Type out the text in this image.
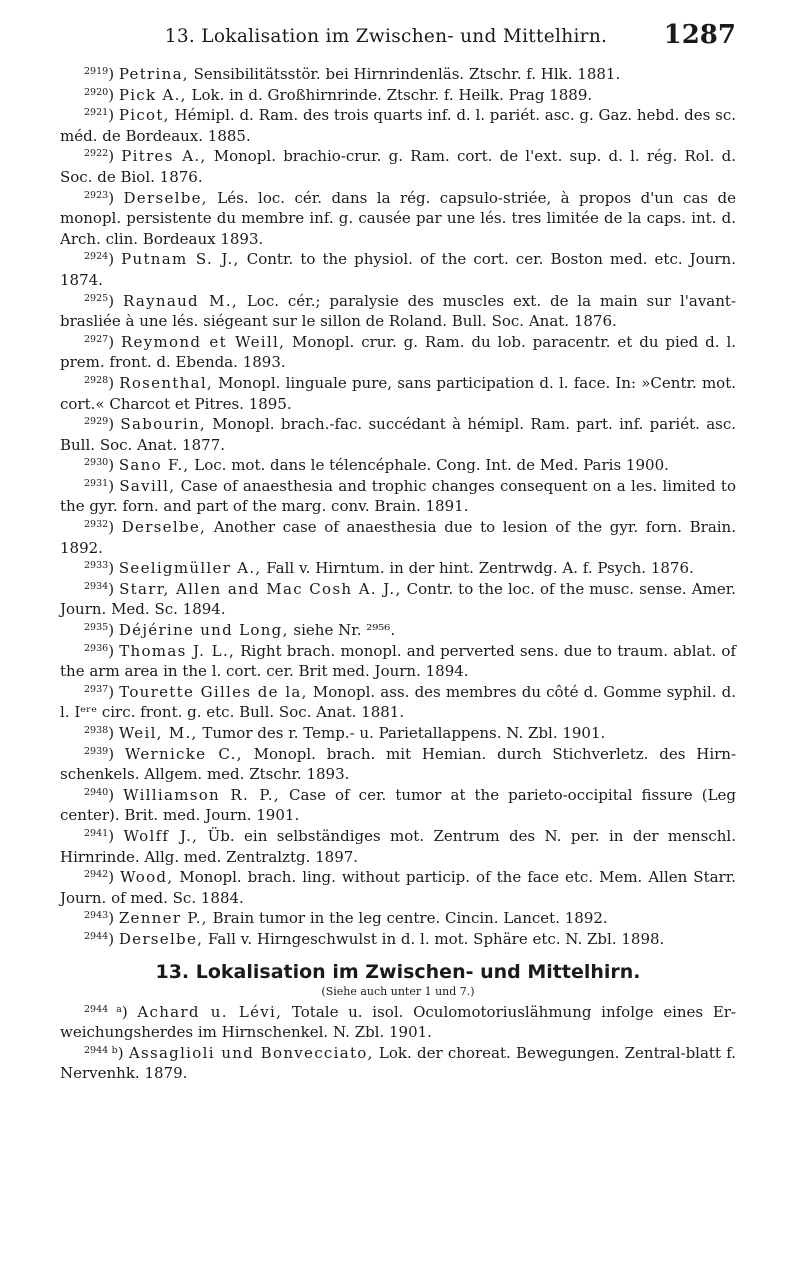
13. Lokalisation im Zwischen- und Mittelhirn.	1287

$^{2919}$) Petrina, Sensibilitätsstör. bei Hirnrindenläs. Ztschr. f. Hlk. 1881.

$^{2920}$) Pick A., Lok. in d. Großhirnrinde. Ztschr. f. Heilk. Prag 1889.

$^{2921}$) Picot, Hémipl. d. Ram. des trois quarts inf. d. l. pariét. asc. g. Gaz. hebd. des sc. méd. de Bordeaux. 1885.

$^{2922}$) Pitres A., Monopl. brachio-crur. g. Ram. cort. de l'ext. sup. d. l. rég. Rol. d. Soc. de Biol. 1876.

$^{2923}$) Derselbe, Lés. loc. cér. dans la rég. capsulo-striée, à propos d'un cas de monopl. persistente du membre inf. g. causée par une lés. tres limitée de la caps. int. d. Arch. clin. Bordeaux 1893.

$^{2924}$) Putnam S. J., Contr. to the physiol. of the cort. cer. Boston med. etc. Journ. 1874.

$^{2925}$) Raynaud M., Loc. cér.; paralysie des muscles ext. de la main sur l'avant-brasliée à une lés. siégeant sur le sillon de Roland. Bull. Soc. Anat. 1876.

$^{2927}$) Reymond et Weill, Monopl. crur. g. Ram. du lob. paracentr. et du pied d. l. prem. front. d. Ebenda. 1893.

$^{2928}$) Rosenthal, Monopl. linguale pure, sans participation d. l. face. In: »Centr. mot. cort.« Charcot et Pitres. 1895.

$^{2929}$) Sabourin, Monopl. brach.-fac. succédant à hémipl. Ram. part. inf. pariét. asc. Bull. Soc. Anat. 1877.

$^{2930}$) Sano F., Loc. mot. dans le télencéphale. Cong. Int. de Med. Paris 1900.

$^{2931}$) Savill, Case of anaesthesia and trophic changes consequent on a les. limited to the gyr. forn. and part of the marg. conv. Brain. 1891.

$^{2932}$) Derselbe, Another case of anaesthesia due to lesion of the gyr. forn. Brain. 1892.

$^{2933}$) Seeligmüller A., Fall v. Hirntum. in der hint. Zentrwdg. A. f. Psych. 1876.

$^{2934}$) Starr, Allen and Mac Cosh A. J., Contr. to the loc. of the musc. sense. Amer. Journ. Med. Sc. 1894.

$^{2935}$) Déjérine und Long, siehe Nr. ²⁹⁵⁶.

$^{2936}$) Thomas J. L., Right brach. monopl. and perverted sens. due to traum. ablat. of the arm area in the l. cort. cer. Brit med. Journ. 1894.

$^{2937}$) Tourette Gilles de la, Monopl. ass. des membres du côté d. Gomme syphil. d. l. Iᵉʳᵉ circ. front. g. etc. Bull. Soc. Anat. 1881.

$^{2938}$) Weil, M., Tumor des r. Temp.- u. Parietallappens. N. Zbl. 1901.

$^{2939}$) Wernicke C., Monopl. brach. mit Hemian. durch Stichverletz. des Hirn-schenkels. Allgem. med. Ztschr. 1893.

$^{2940}$) Williamson R. P., Case of cer. tumor at the parieto-occipital fissure (Leg center). Brit. med. Journ. 1901.

$^{2941}$) Wolff J., Üb. ein selbständiges mot. Zentrum des N. per. in der menschl. Hirnrinde. Allg. med. Zentralztg. 1897.

$^{2942}$) Wood, Monopl. brach. ling. without particip. of the face etc. Mem. Allen Starr. Journ. of med. Sc. 1884.

$^{2943}$) Zenner P., Brain tumor in the leg centre. Cincin. Lancet. 1892.

$^{2944}$) Derselbe, Fall v. Hirngeschwulst in d. l. mot. Sphäre etc. N. Zbl. 1898.

13. Lokalisation im Zwischen- und Mittelhirn.
(Siehe auch unter 1 und 7.)

$^{2944 a}$) Achard u. Lévi, Totale u. isol. Oculomotoriuslähmung infolge eines Er-weichungsherdes im Hirnschenkel. N. Zbl. 1901.

$^{2944 b}$) Assaglioli und Bonvecciato, Lok. der choreat. Bewegungen. Zentral-blatt f. Nervenhk. 1879.
